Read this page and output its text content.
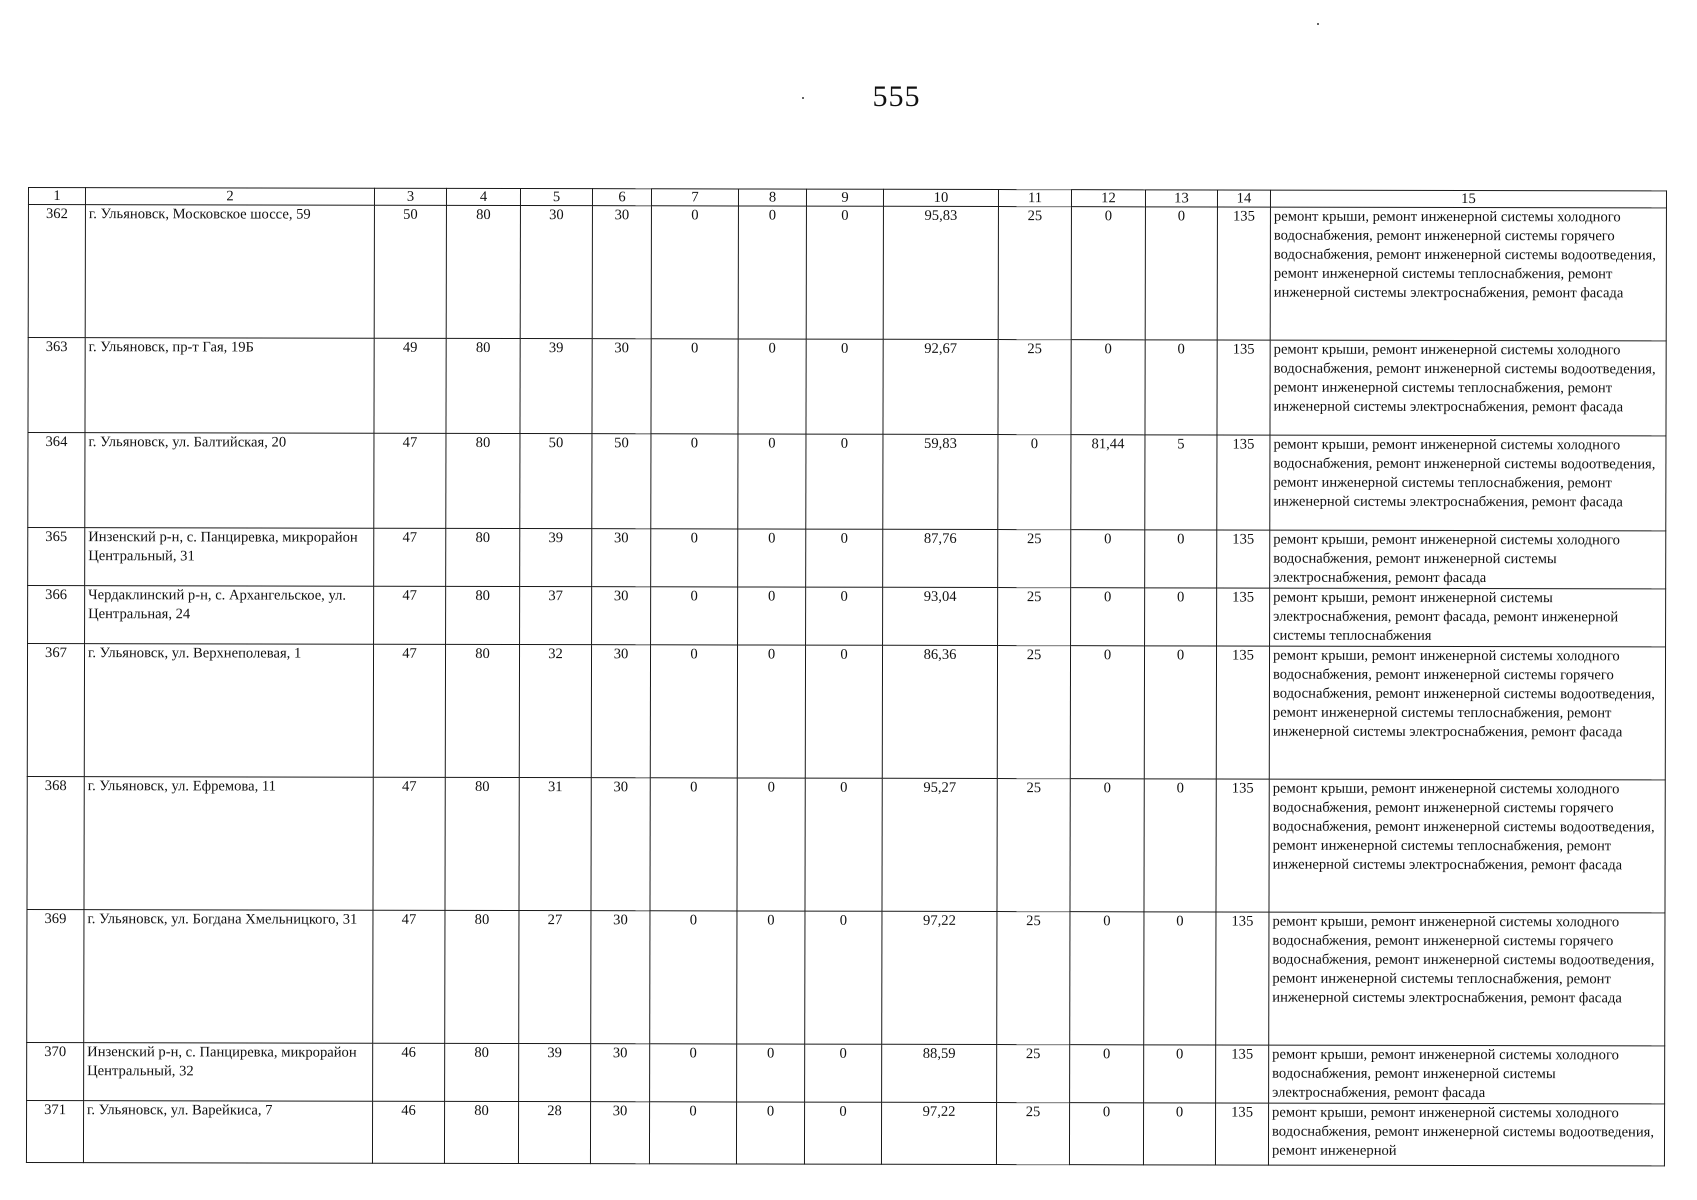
555
1	2	3	4	5	6	7	8	9	10	11	12	13	14	15
362	г. Ульяновск, Московское шоссе, 59	50	80	30	30	0	0	0	95,83	25	0	0	135	ремонт крыши, ремонт инженерной системы холодного водоснабжения, ремонт инженерной системы горячего водоснабжения, ремонт инженерной системы водоотведения, ремонт инженерной системы теплоснабжения, ремонт инженерной системы электроснабжения, ремонт фасада
363	г. Ульяновск, пр-т Гая, 19Б	49	80	39	30	0	0	0	92,67	25	0	0	135	ремонт крыши, ремонт инженерной системы холодного водоснабжения, ремонт инженерной системы водоотведения, ремонт инженерной системы теплоснабжения, ремонт инженерной системы электроснабжения, ремонт фасада
364	г. Ульяновск, ул. Балтийская, 20	47	80	50	50	0	0	0	59,83	0	81,44	5	135	ремонт крыши, ремонт инженерной системы холодного водоснабжения, ремонт инженерной системы водоотведения, ремонт инженерной системы теплоснабжения, ремонт инженерной системы электроснабжения, ремонт фасада
365	Инзенский р-н, с. Панциревка, микрорайон Центральный, 31	47	80	39	30	0	0	0	87,76	25	0	0	135	ремонт крыши, ремонт инженерной системы холодного водоснабжения, ремонт инженерной системы электроснабжения, ремонт фасада
366	Чердаклинский р-н, с. Архангельское, ул. Центральная, 24	47	80	37	30	0	0	0	93,04	25	0	0	135	ремонт крыши, ремонт инженерной системы электроснабжения, ремонт фасада, ремонт инженерной системы теплоснабжения
367	г. Ульяновск, ул. Верхнеполевая, 1	47	80	32	30	0	0	0	86,36	25	0	0	135	ремонт крыши, ремонт инженерной системы холодного водоснабжения, ремонт инженерной системы горячего водоснабжения, ремонт инженерной системы водоотведения, ремонт инженерной системы теплоснабжения, ремонт инженерной системы электроснабжения, ремонт фасада
368	г. Ульяновск, ул. Ефремова, 11	47	80	31	30	0	0	0	95,27	25	0	0	135	ремонт крыши, ремонт инженерной системы холодного водоснабжения, ремонт инженерной системы горячего водоснабжения, ремонт инженерной системы водоотведения, ремонт инженерной системы теплоснабжения, ремонт инженерной системы электроснабжения, ремонт фасада
369	г. Ульяновск, ул. Богдана Хмельницкого, 31	47	80	27	30	0	0	0	97,22	25	0	0	135	ремонт крыши, ремонт инженерной системы холодного водоснабжения, ремонт инженерной системы горячего водоснабжения, ремонт инженерной системы водоотведения, ремонт инженерной системы теплоснабжения, ремонт инженерной системы электроснабжения, ремонт фасада
370	Инзенский р-н, с. Панциревка, микрорайон Центральный, 32	46	80	39	30	0	0	0	88,59	25	0	0	135	ремонт крыши, ремонт инженерной системы холодного водоснабжения, ремонт инженерной системы электроснабжения, ремонт фасада
371	г. Ульяновск, ул. Варейкиса, 7	46	80	28	30	0	0	0	97,22	25	0	0	135	ремонт крыши, ремонт инженерной системы холодного водоснабжения, ремонт инженерной системы водоотведения, ремонт инженерной
